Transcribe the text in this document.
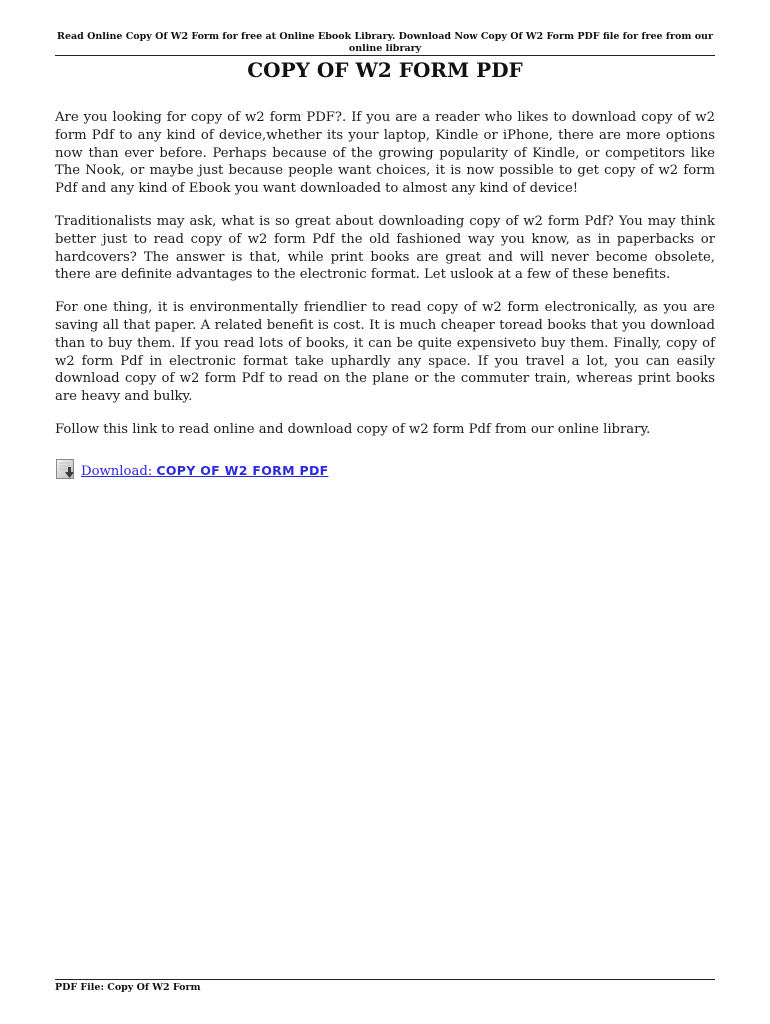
Read Online Copy Of W2 Form for free at Online Ebook Library. Download Now Copy Of W2 Form PDF file for free from our online library
COPY OF W2 FORM PDF

Are you looking for copy of w2 form PDF?. If you are a reader who likes to download copy of w2 form Pdf to any kind of device,whether its your laptop, Kindle or iPhone, there are more options now than ever before. Perhaps because of the growing popularity of Kindle, or competitors like The Nook, or maybe just because people want choices, it is now possible to get copy of w2 form Pdf and any kind of Ebook you want downloaded to almost any kind of device!

Traditionalists may ask, what is so great about downloading copy of w2 form Pdf? You may think better just to read copy of w2 form Pdf the old fashioned way you know, as in paperbacks or hardcovers? The answer is that, while print books are great and will never become obsolete, there are definite advantages to the electronic format. Let uslook at a few of these benefits.

For one thing, it is environmentally friendlier to read copy of w2 form electronically, as you are saving all that paper. A related benefit is cost. It is much cheaper toread books that you download than to buy them. If you read lots of books, it can be quite expensiveto buy them. Finally, copy of w2 form Pdf in electronic format take uphardly any space. If you travel a lot, you can easily download copy of w2 form Pdf to read on the plane or the commuter train, whereas print books are heavy and bulky.

Follow this link to read online and download copy of w2 form Pdf from our online library.

Download: COPY OF W2 FORM PDF
PDF File: Copy Of W2 Form
